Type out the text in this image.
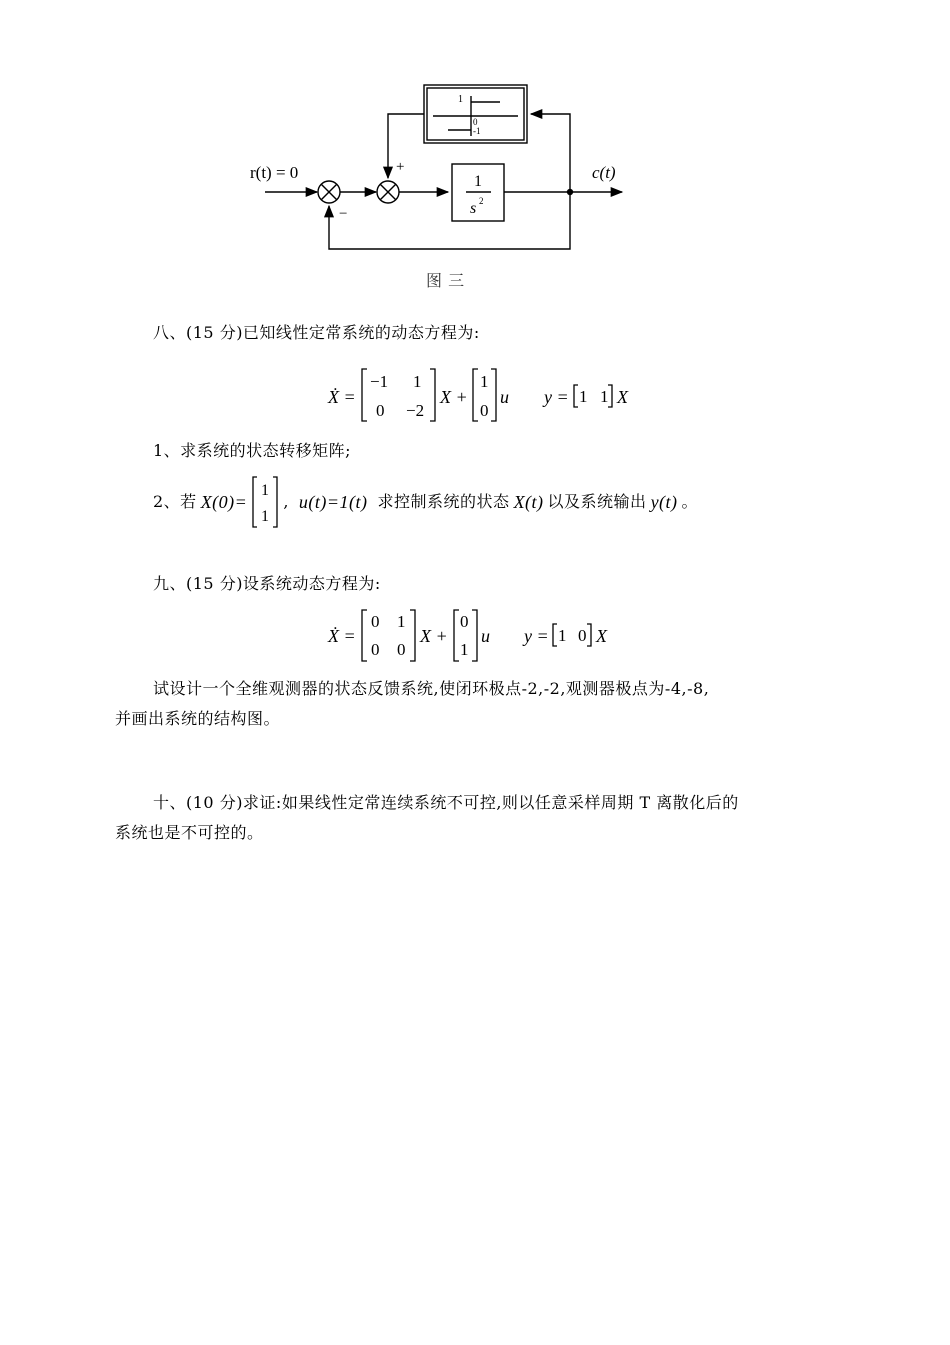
r(t) = 0	c(t)
+
−
1
s 2
1
0
-1
图 三
八、(15 分)已知线性定常系统的动态方程为:
Ẋ =
−1 1
0 −2
X +
1
0
u y = 1 1 X
1、求系统的状态转移矩阵;
2、若 X(0)=
1
1
, u(t)=1(t) 求控制系统的状态 X(t) 以及系统输出 y(t) 。
九、(15 分)设系统动态方程为:
Ẋ =
0 1
0 0
X +
0
1
u y = 1 0 X
试设计一个全维观测器的状态反馈系统,使闭环极点-2,-2,观测器极点为-4,-8,
并画出系统的结构图。
十、(10 分)求证:如果线性定常连续系统不可控,则以任意采样周期 T 离散化后的
系统也是不可控的。
